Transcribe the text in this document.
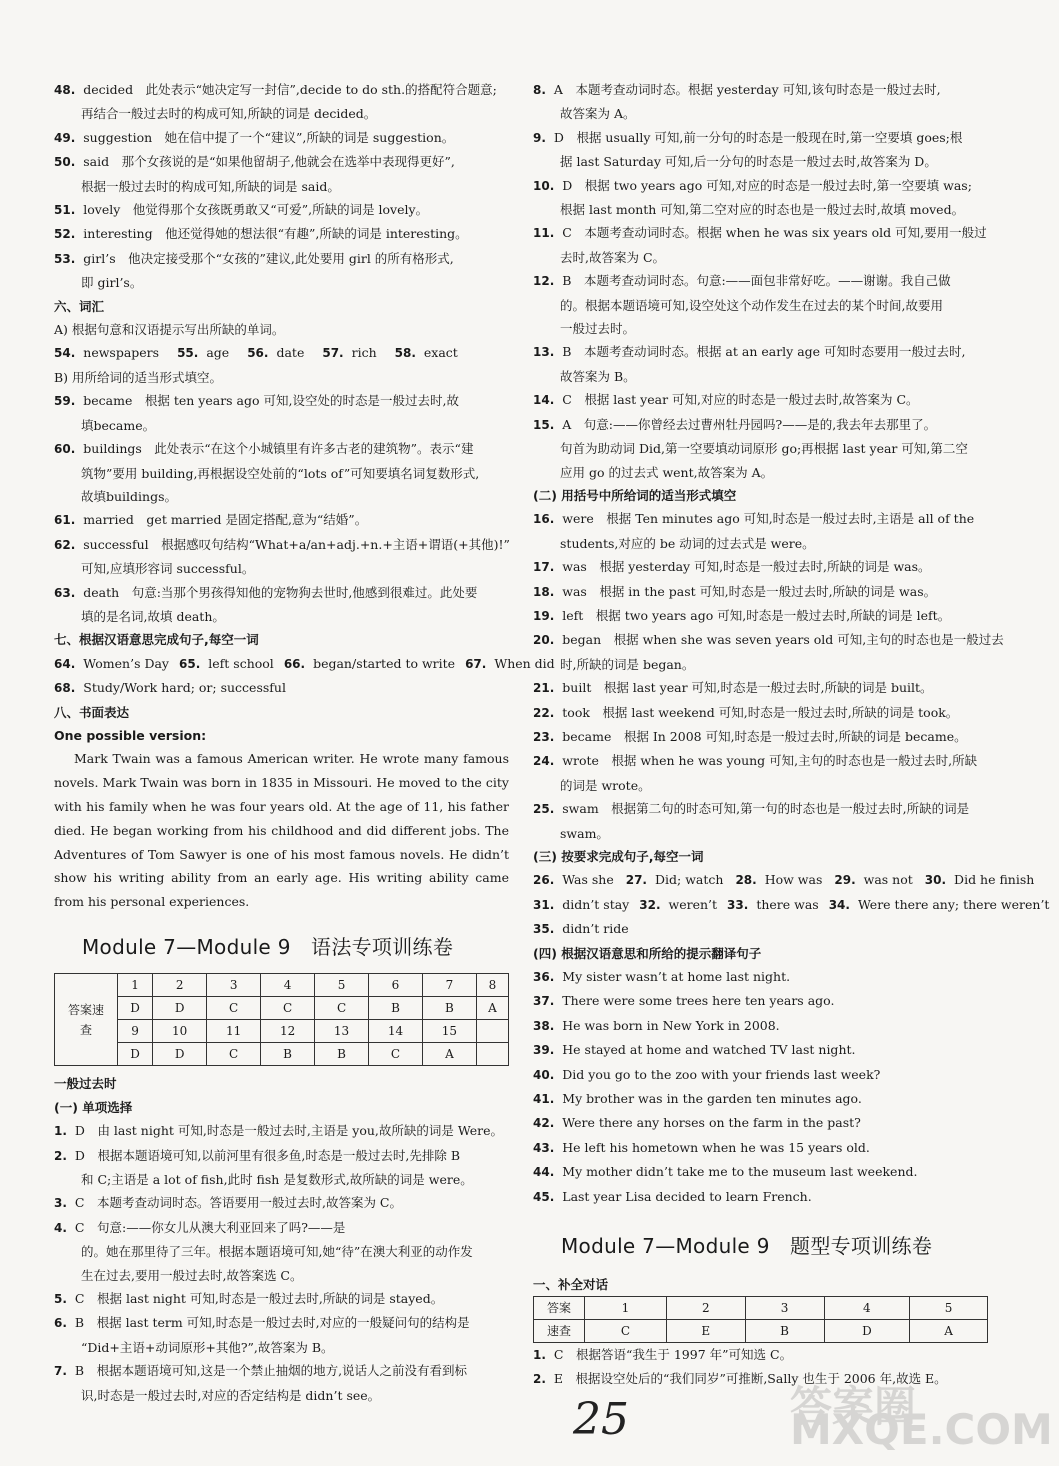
48. decided　此处表示“她决定写一封信”,decide to do sth.的搭配符合题意;
再结合一般过去时的构成可知,所缺的词是 decided。
49. suggestion　她在信中提了一个“建议”,所缺的词是 suggestion。
50. said　那个女孩说的是“如果他留胡子,他就会在选举中表现得更好”,
根据一般过去时的构成可知,所缺的词是 said。
51. lovely　他觉得那个女孩既勇敢又“可爱”,所缺的词是 lovely。
52. interesting　他还觉得她的想法很“有趣”,所缺的词是 interesting。
53. girl’s　他决定接受那个“女孩的”建议,此处要用 girl 的所有格形式,
即 girl’s。
六、词汇
A) 根据句意和汉语提示写出所缺的单词。
54. newspapers 55. age 56. date 57. rich 58. exact
B) 用所给词的适当形式填空。
59. became　根据 ten years ago 可知,设空处的时态是一般过去时,故
填became。
60. buildings　此处表示“在这个小城镇里有许多古老的建筑物”。表示“建
筑物”要用 building,再根据设空处前的“lots of”可知要填名词复数形式,
故填buildings。
61. married　get married 是固定搭配,意为“结婚”。
62. successful　根据感叹句结构“What+a/an+adj.+n.+主语+谓语(+其他)!”
可知,应填形容词 successful。
63. death　句意:当那个男孩得知他的宠物狗去世时,他感到很难过。此处要
填的是名词,故填 death。
七、根据汉语意思完成句子,每空一词
64. Women’s Day 65. left school 66. began/started to write 67. When did
68. Study/Work hard; or; successful
八、书面表达
One possible version:
Mark Twain was a famous American writer. He wrote many famous novels. Mark Twain was born in 1835 in Missouri. He moved to the city with his family when he was four years old. At the age of 11, his father died. He began working from his childhood and did different jobs. The Adventures of Tom Sawyer is one of his most famous novels. He didn’t show his writing ability from an early age. His writing ability came from his personal experiences.
Module 7—Module 9　语法专项训练卷
答案速查	1	2	3	4	5	6	7	8
	D	D	C	C	C	B	B	A
	9	10	11	12	13	14	15	
	D	D	C	B	B	C	A	
一般过去时
(一) 单项选择
1. D　由 last night 可知,时态是一般过去时,主语是 you,故所缺的词是 Were。
2. D　根据本题语境可知,以前河里有很多鱼,时态是一般过去时,先排除 B
和 C;主语是 a lot of fish,此时 fish 是复数形式,故所缺的词是 were。
3. C　本题考查动词时态。答语要用一般过去时,故答案为 C。
4. C　句意:——你女儿从澳大利亚回来了吗?——是
的。她在那里待了三年。根据本题语境可知,她“待”在澳大利亚的动作发
生在过去,要用一般过去时,故答案选 C。
5. C　根据 last night 可知,时态是一般过去时,所缺的词是 stayed。
6. B　根据 last term 可知,时态是一般过去时,对应的一般疑问句的结构是
“Did+主语+动词原形+其他?”,故答案为 B。
7. B　根据本题语境可知,这是一个禁止抽烟的地方,说话人之前没有看到标
识,时态是一般过去时,对应的否定结构是 didn’t see。
8. A　本题考查动词时态。根据 yesterday 可知,该句时态是一般过去时,
故答案为 A。
9. D　根据 usually 可知,前一分句的时态是一般现在时,第一空要填 goes;根
据 last Saturday 可知,后一分句的时态是一般过去时,故答案为 D。
10. D　根据 two years ago 可知,对应的时态是一般过去时,第一空要填 was;
根据 last month 可知,第二空对应的时态也是一般过去时,故填 moved。
11. C　本题考查动词时态。根据 when he was six years old 可知,要用一般过
去时,故答案为 C。
12. B　本题考查动词时态。句意:——面包非常好吃。——谢谢。我自己做
的。根据本题语境可知,设空处这个动作发生在过去的某个时间,故要用
一般过去时。
13. B　本题考查动词时态。根据 at an early age 可知时态要用一般过去时,
故答案为 B。
14. C　根据 last year 可知,对应的时态是一般过去时,故答案为 C。
15. A　句意:——你曾经去过曹州牡丹园吗?——是的,我去年去那里了。
句首为助动词 Did,第一空要填动词原形 go;再根据 last year 可知,第二空
应用 go 的过去式 went,故答案为 A。
(二) 用括号中所给词的适当形式填空
16. were　根据 Ten minutes ago 可知,时态是一般过去时,主语是 all of the
students,对应的 be 动词的过去式是 were。
17. was　根据 yesterday 可知,时态是一般过去时,所缺的词是 was。
18. was　根据 in the past 可知,时态是一般过去时,所缺的词是 was。
19. left　根据 two years ago 可知,时态是一般过去时,所缺的词是 left。
20. began　根据 when she was seven years old 可知,主句的时态也是一般过去
时,所缺的词是 began。
21. built　根据 last year 可知,时态是一般过去时,所缺的词是 built。
22. took　根据 last weekend 可知,时态是一般过去时,所缺的词是 took。
23. became　根据 In 2008 可知,时态是一般过去时,所缺的词是 became。
24. wrote　根据 when he was young 可知,主句的时态也是一般过去时,所缺
的词是 wrote。
25. swam　根据第二句的时态可知,第一句的时态也是一般过去时,所缺的词是
swam。
(三) 按要求完成句子,每空一词
26. Was she 27. Did; watch 28. How was 29. was not 30. Did he finish
31. didn’t stay 32. weren’t 33. there was 34. Were there any; there weren’t
35. didn’t ride
(四) 根据汉语意思和所给的提示翻译句子
36. My sister wasn’t at home last night.
37. There were some trees here ten years ago.
38. He was born in New York in 2008.
39. He stayed at home and watched TV last night.
40. Did you go to the zoo with your friends last week?
41. My brother was in the garden ten minutes ago.
42. Were there any horses on the farm in the past?
43. He left his hometown when he was 15 years old.
44. My mother didn’t take me to the museum last weekend.
45. Last year Lisa decided to learn French.
Module 7—Module 9　题型专项训练卷
一、补全对话
答案	1	2	3	4	5
速查	C	E	B	D	A
1. C　根据答语“我生于 1997 年”可知选 C。
2. E　根据设空处后的“我们同岁”可推断,Sally 也生于 2006 年,故选 E。
25	答案圈 MXQE.COM
